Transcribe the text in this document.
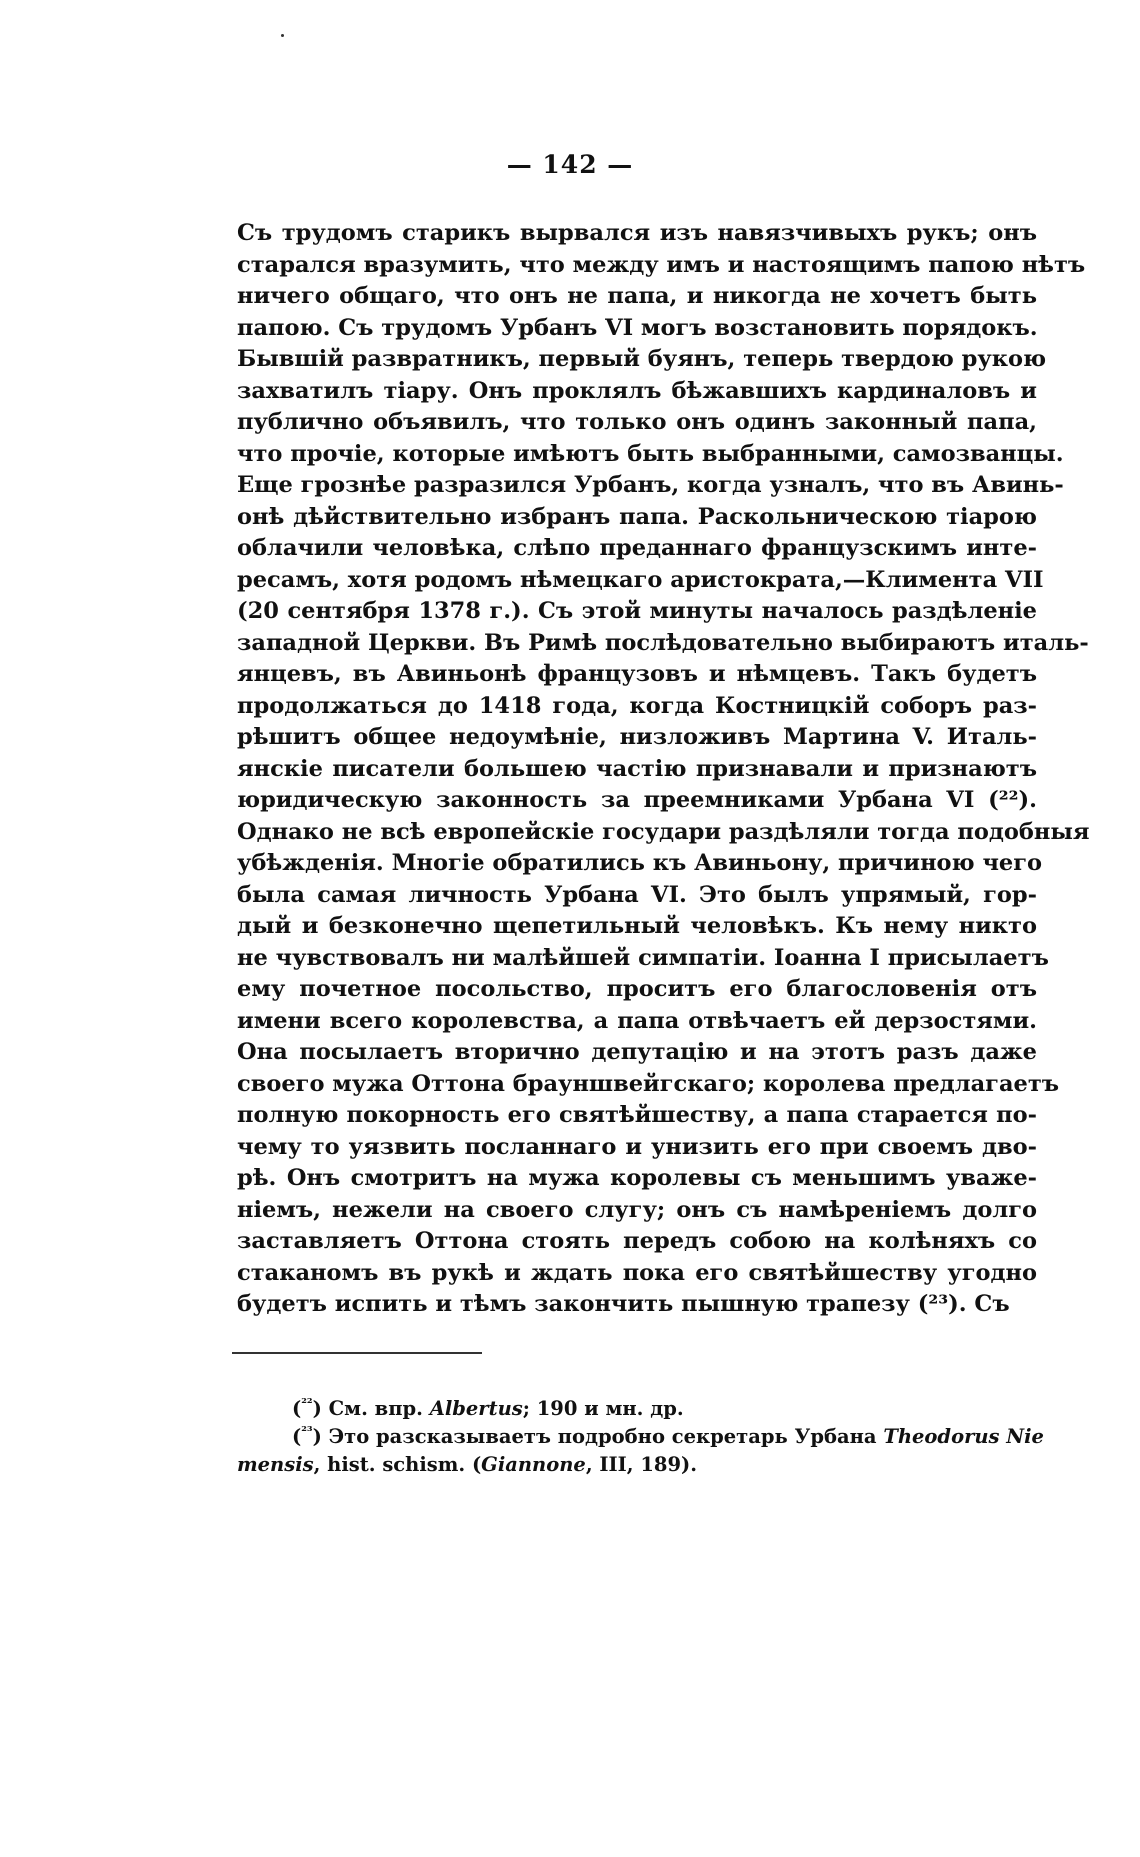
— 142 —
Съ трудомъ старикъ вырвался изъ навязчивыхъ рукъ; онъ
старался вразумить, что между имъ и настоящимъ папою нѣтъ
ничего общаго, что онъ не папа, и никогда не хочетъ быть
папою. Съ трудомъ Урбанъ VI могъ возстановить порядокъ.
Бывшій развратникъ, первый буянъ, теперь твердою рукою
захватилъ тіару. Онъ проклялъ бѣжавшихъ кардиналовъ и
публично объявилъ, что только онъ одинъ законный папа,
что прочіе, которые имѣютъ быть выбранными, самозванцы.
Еще грознѣе разразился Урбанъ, когда узналъ, что въ Авинь-
онѣ дѣйствительно избранъ папа. Раскольническою тіарою
облачили человѣка, слѣпо преданнаго французскимъ инте-
ресамъ, хотя родомъ нѣмецкаго аристократа,—Климента VII
(20 сентября 1378 г.). Съ этой минуты началось раздѣленіе
западной Церкви. Въ Римѣ послѣдовательно выбираютъ италь-
янцевъ, въ Авиньонѣ французовъ и нѣмцевъ. Такъ будетъ
продолжаться до 1418 года, когда Костницкій соборъ раз-
рѣшитъ общее недоумѣніе, низложивъ Мартина V. Италь-
янскіе писатели большею частію признавали и признаютъ
юридическую законность за преемниками Урбана VI (²²).
Однако не всѣ европейскіе государи раздѣляли тогда подобныя
убѣжденія. Многіе обратились къ Авиньону, причиною чего
была самая личность Урбана VI. Это былъ упрямый, гор-
дый и безконечно щепетильный человѣкъ. Къ нему никто
не чувствовалъ ни малѣйшей симпатіи. Іоанна I присылаетъ
ему почетное посольство, проситъ его благословенія отъ
имени всего королевства, а папа отвѣчаетъ ей дерзостями.
Она посылаетъ вторично депутацію и на этотъ разъ даже
своего мужа Оттона брауншвейгскаго; королева предлагаетъ
полную покорность его святѣйшеству, а папа старается по-
чему то уязвить посланнаго и унизить его при своемъ дво-
рѣ. Онъ смотритъ на мужа королевы съ меньшимъ уваже-
ніемъ, нежели на своего слугу; онъ съ намѣреніемъ долго
заставляетъ Оттона стоять передъ собою на колѣняхъ со
стаканомъ въ рукѣ и ждать пока его святѣйшеству угодно
будетъ испить и тѣмъ закончить пышную трапезу (²³). Съ
($^{^{22}}$) См. впр. Albertus; 190 и мн. др.
($^{^{23}}$) Это разсказываетъ подробно секретарь Урбана Theodorus Nie
mensis, hist. schism. (Giannone, III, 189).
